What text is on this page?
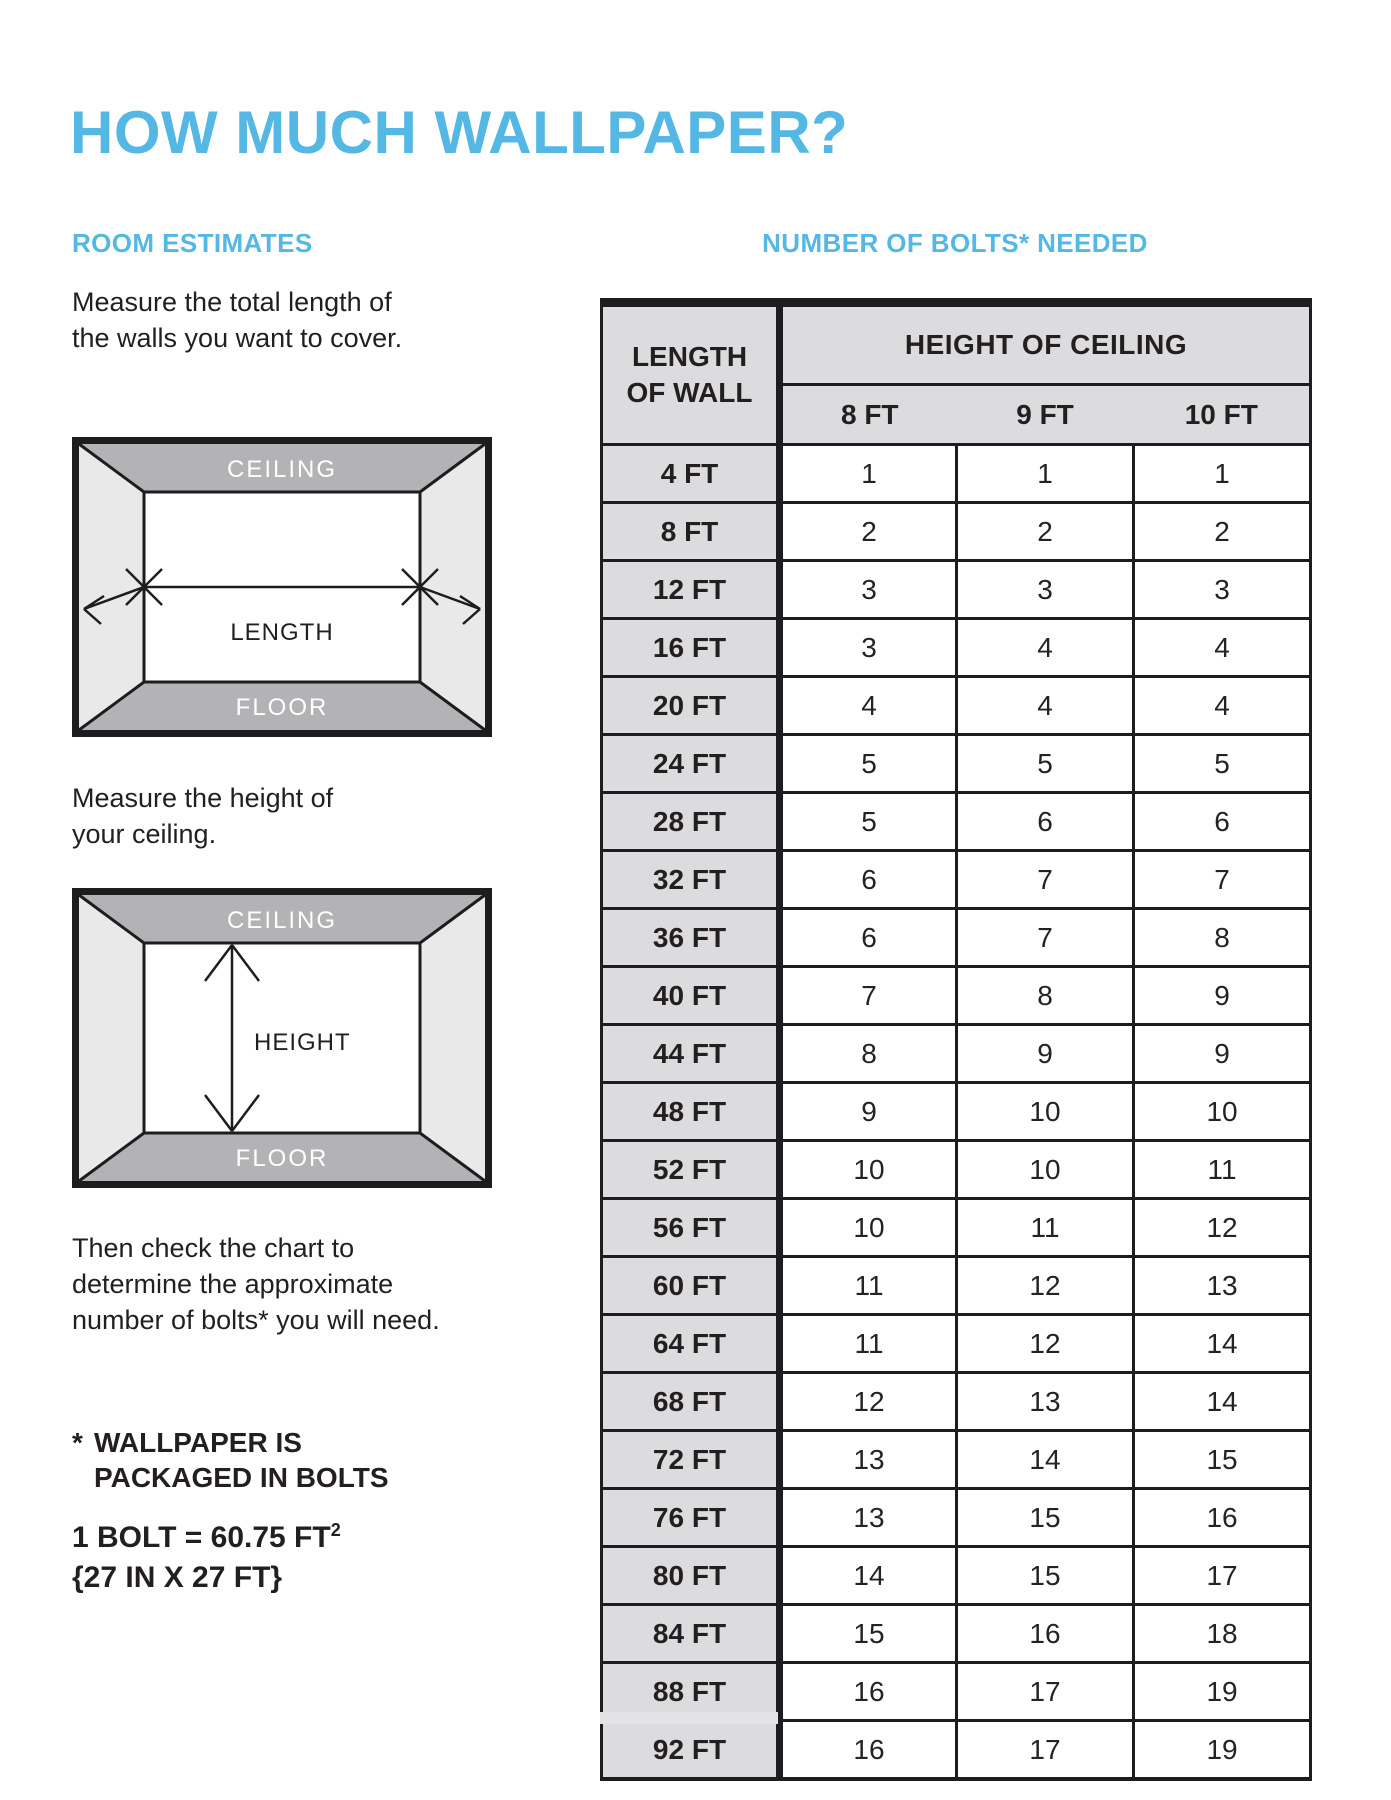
HOW MUCH WALLPAPER?
ROOM ESTIMATES
Measure the total length of
the walls you want to cover.
CEILING
FLOOR
LENGTH
Measure the height of
your ceiling.
CEILING
FLOOR
HEIGHT
Then check the chart to
determine the approximate
number of bolts* you will need.
* WALLPAPER IS
PACKAGED IN BOLTS
1 BOLT = 60.75 $FT^2$
{27 IN X 27 FT}
NUMBER OF BOLTS* NEEDED
LENGTH
OF WALL	HEIGHT OF CEILING		
	8 FT	9 FT	10 FT
4 FT	1	1	1
8 FT	2	2	2
12 FT	3	3	3
16 FT	3	4	4
20 FT	4	4	4
24 FT	5	5	5
28 FT	5	6	6
32 FT	6	7	7
36 FT	6	7	8
40 FT	7	8	9
44 FT	8	9	9
48 FT	9	10	10
52 FT	10	10	11
56 FT	10	11	12
60 FT	11	12	13
64 FT	11	12	14
68 FT	12	13	14
72 FT	13	14	15
76 FT	13	15	16
80 FT	14	15	17
84 FT	15	16	18
88 FT	16	17	19
92 FT	16	17	19
